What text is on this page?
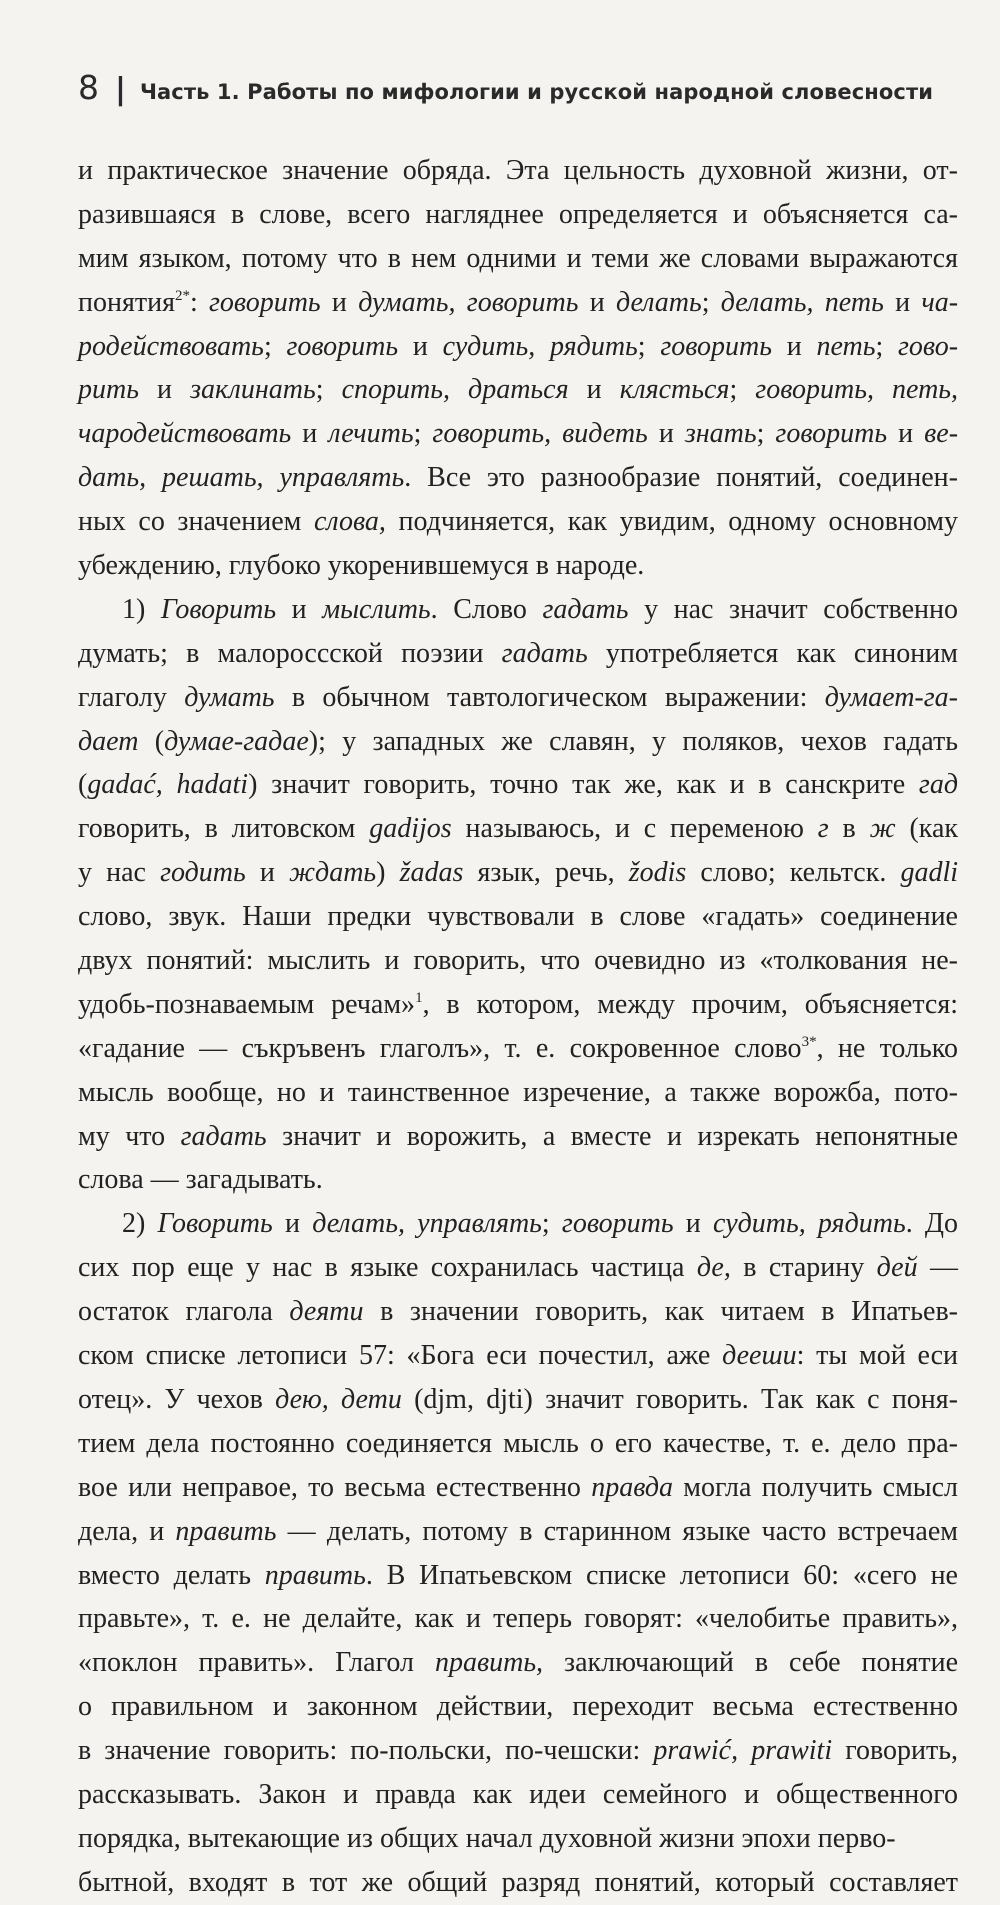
8 | Часть 1. Работы по мифологии и русской народной словесности
и практическое значение обряда. Эта цельность духовной жизни, от-
разившаяся в слове, всего нагляднее определяется и объясняется са-
мим языком, потому что в нем одними и теми же словами выражаются
понятия$^{2*}$: говорить и думать, говорить и делать; делать, петь и ча-
родействовать; говорить и судить, рядить; говорить и петь; гово-
рить и заклинать; спорить, драться и клясться; говорить, петь,
чародействовать и лечить; говорить, видеть и знать; говорить и ве-
дать, решать, управлять. Все это разнообразие понятий, соединен-
ных со значением слова, подчиняется, как увидим, одному основному
убеждению, глубоко укоренившемуся в народе.
1) Говорить и мыслить. Слово гадать у нас значит собственно
думать; в малороссской поэзии гадать употребляется как синоним
глаголу думать в обычном тавтологическом выражении: думает-га-
дает (думае-гадае); у западных же славян, у поляков, чехов гадать
(gadać, hadati) значит говорить, точно так же, как и в санскрите гад
говорить, в литовском gadijos называюсь, и с переменою г в ж (как
у нас годить и ждать) žadas язык, речь, žodis слово; кельтск. gadli
слово, звук. Наши предки чувствовали в слове «гадать» соединение
двух понятий: мыслить и говорить, что очевидно из «толкования не-
удобь-познаваемым речам»$^1$, в котором, между прочим, объясняется:
«гадание — съкръвенъ глаголъ», т. е. сокровенное слово$^{3*}$, не только
мысль вообще, но и таинственное изречение, а также ворожба, пото-
му что гадать значит и ворожить, а вместе и изрекать непонятные
слова — загадывать.
2) Говорить и делать, управлять; говорить и судить, рядить. До
сих пор еще у нас в языке сохранилась частица де, в старину дей —
остаток глагола деяти в значении говорить, как читаем в Ипатьев-
ском списке летописи 57: «Бога еси почестил, аже деешu: ты мой еси
отец». У чехов дею, дети (djm, djti) значит говорить. Так как с поня-
тием дела постоянно соединяется мысль о его качестве, т. е. дело пра-
вое или неправое, то весьма естественно правда могла получить смысл
дела, и править — делать, потому в старинном языке часто встречаем
вместо делать править. В Ипатьевском списке летописи 60: «сего не
правьте», т. е. не делайте, как и теперь говорят: «челобитье править»,
«поклон править». Глагол править, заключающий в себе понятие
о правильном и законном действии, переходит весьма естественно
в значение говорить: по-польски, по-чешски: prawić, prawiti говорить,
рассказывать. Закон и правда как идеи семейного и общественного
порядка, вытекающие из общих начал духовной жизни эпохи перво-
бытной, входят в тот же общий разряд понятий, который составляет
